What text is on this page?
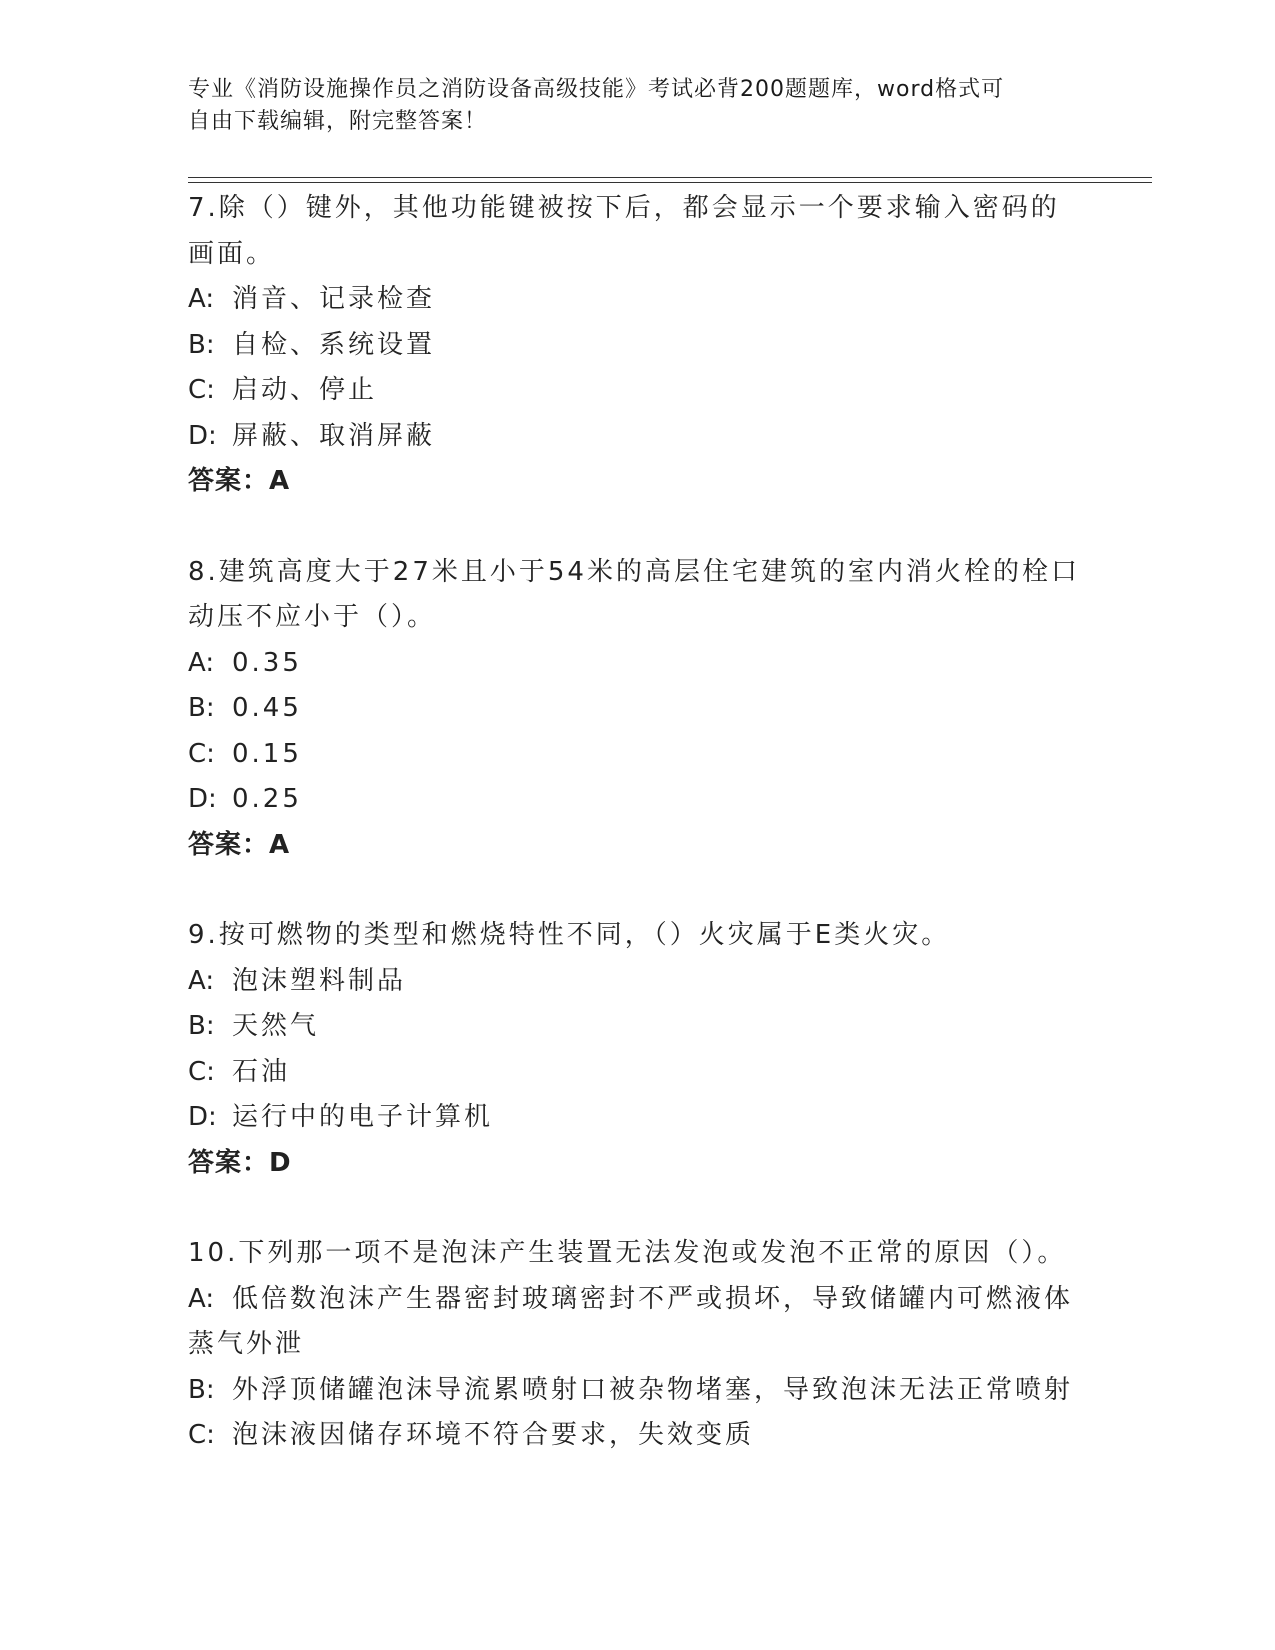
专业《消防设施操作员之消防设备高级技能》考试必背200题题库，word格式可
自由下载编辑，附完整答案！
7.除（）键外，其他功能键被按下后，都会显示一个要求输入密码的画面。
A: 消音、记录检查
B: 自检、系统设置
C: 启动、停止
D: 屏蔽、取消屏蔽
答案：A
8.建筑高度大于27米且小于54米的高层住宅建筑的室内消火栓的栓口动压不应小于（）。
A: 0.35
B: 0.45
C: 0.15
D: 0.25
答案：A
9.按可燃物的类型和燃烧特性不同，（）火灾属于E类火灾。
A: 泡沫塑料制品
B: 天然气
C: 石油
D: 运行中的电子计算机
答案：D
10.下列那一项不是泡沫产生装置无法发泡或发泡不正常的原因（）。
A: 低倍数泡沫产生器密封玻璃密封不严或损坏，导致储罐内可燃液体蒸气外泄
B: 外浮顶储罐泡沫导流累喷射口被杂物堵塞，导致泡沫无法正常喷射
C: 泡沫液因储存环境不符合要求，失效变质
